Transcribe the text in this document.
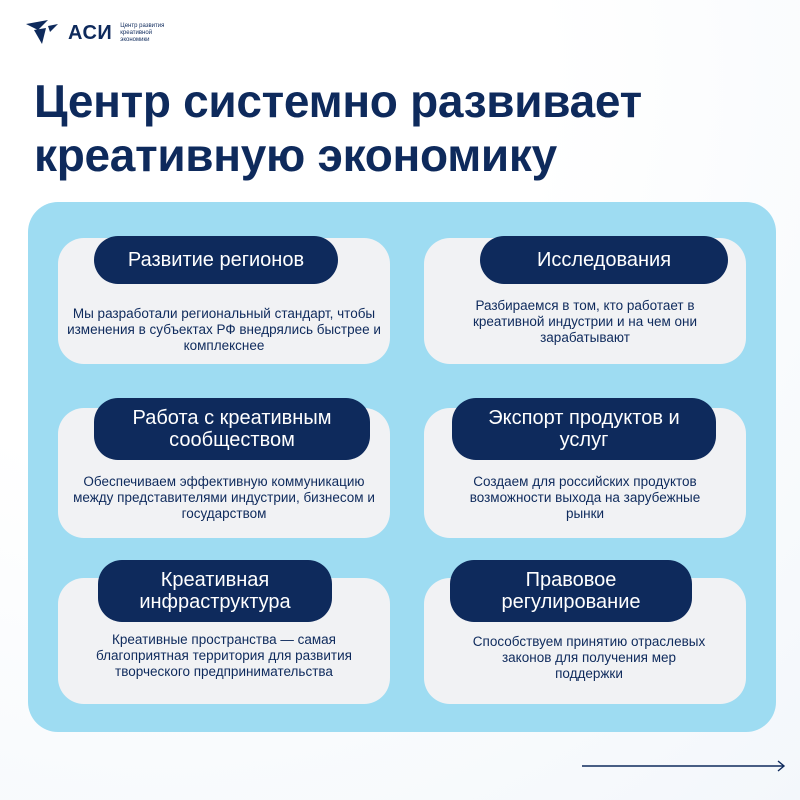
АСИ Центр развития креативной экономики
Центр системно развивает креативную экономику
Развитие регионов
Мы разработали региональный стандарт, чтобы изменения в субъектах РФ внедрялись быстрее и комплекснее
Исследования
Разбираемся в том, кто работает в креативной индустрии и на чем они зарабатывают
Работа с креативным сообществом
Обеспечиваем эффективную коммуникацию между представителями индустрии, бизнесом и государством
Экспорт продуктов и услуг
Создаем для российских продуктов возможности выхода на зарубежные рынки
Креативная инфраструктура
Креативные пространства — самая благоприятная территория для развития творческого предпринимательства
Правовое регулирование
Способствуем принятию отраслевых законов для получения мер поддержки
